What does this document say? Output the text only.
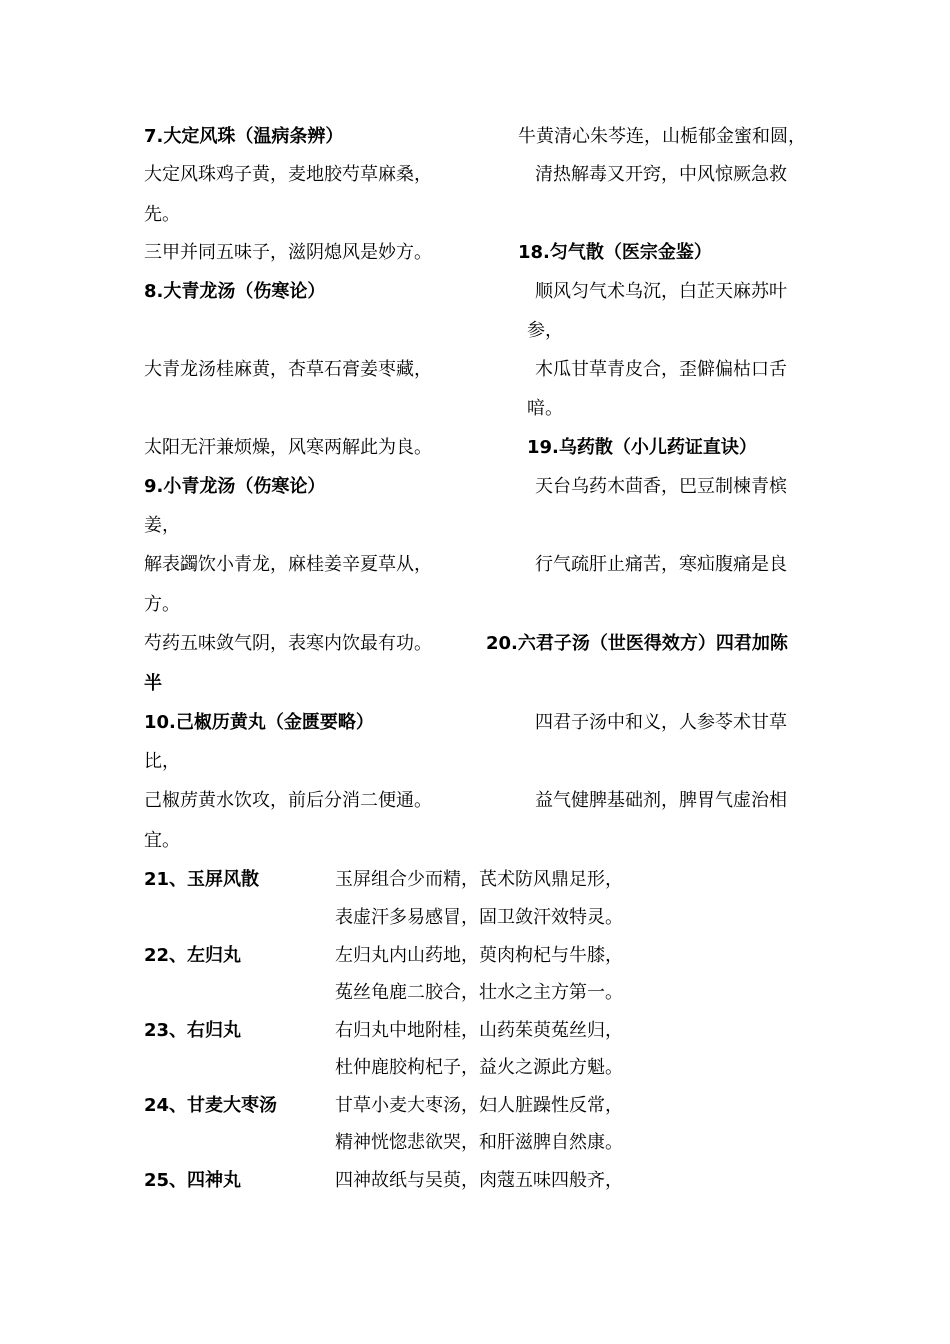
7.大定风珠（温病条辨）
大定风珠鸡子黄，麦地胶芍草麻桑，
先。
三甲并同五味子，滋阴熄风是妙方。
8.大青龙汤（伤寒论）
大青龙汤桂麻黄，杏草石膏姜枣藏，
太阳无汗兼烦燥，风寒两解此为良。
9.小青龙汤（伤寒论）
姜，
解表蠲饮小青龙，麻桂姜辛夏草从，
方。
芍药五味敛气阴，表寒内饮最有功。
半
10.己椒历黄丸（金匮要略）
比，
己椒苈黄水饮攻，前后分消二便通。
宜。
牛黄清心朱芩连，山栀郁金蜜和圆，
清热解毒又开窍，中风惊厥急救
18.匀气散（医宗金鉴）
顺风匀气术乌沉，白芷天麻苏叶
参，
木瓜甘草青皮合，歪僻偏枯口舌
喑。
19.乌药散（小儿药证直诀）
天台乌药木茴香，巴豆制楝青槟
行气疏肝止痛苦，寒疝腹痛是良
20.六君子汤（世医得效方）四君加陈
四君子汤中和义，人参苓术甘草
益气健脾基础剂，脾胃气虚治相
21、玉屏风散	玉屏组合少而精，芪术防风鼎足形，
表虚汗多易感冒，固卫敛汗效特灵。
22、左归丸	左归丸内山药地，萸肉枸杞与牛膝，
菟丝龟鹿二胶合，壮水之主方第一。
23、右归丸	右归丸中地附桂，山药茱萸菟丝归，
杜仲鹿胶枸杞子，益火之源此方魁。
24、甘麦大枣汤	甘草小麦大枣汤，妇人脏躁性反常，
精神恍惚悲欲哭，和肝滋脾自然康。
25、四神丸	四神故纸与吴萸，肉蔻五味四般齐，
